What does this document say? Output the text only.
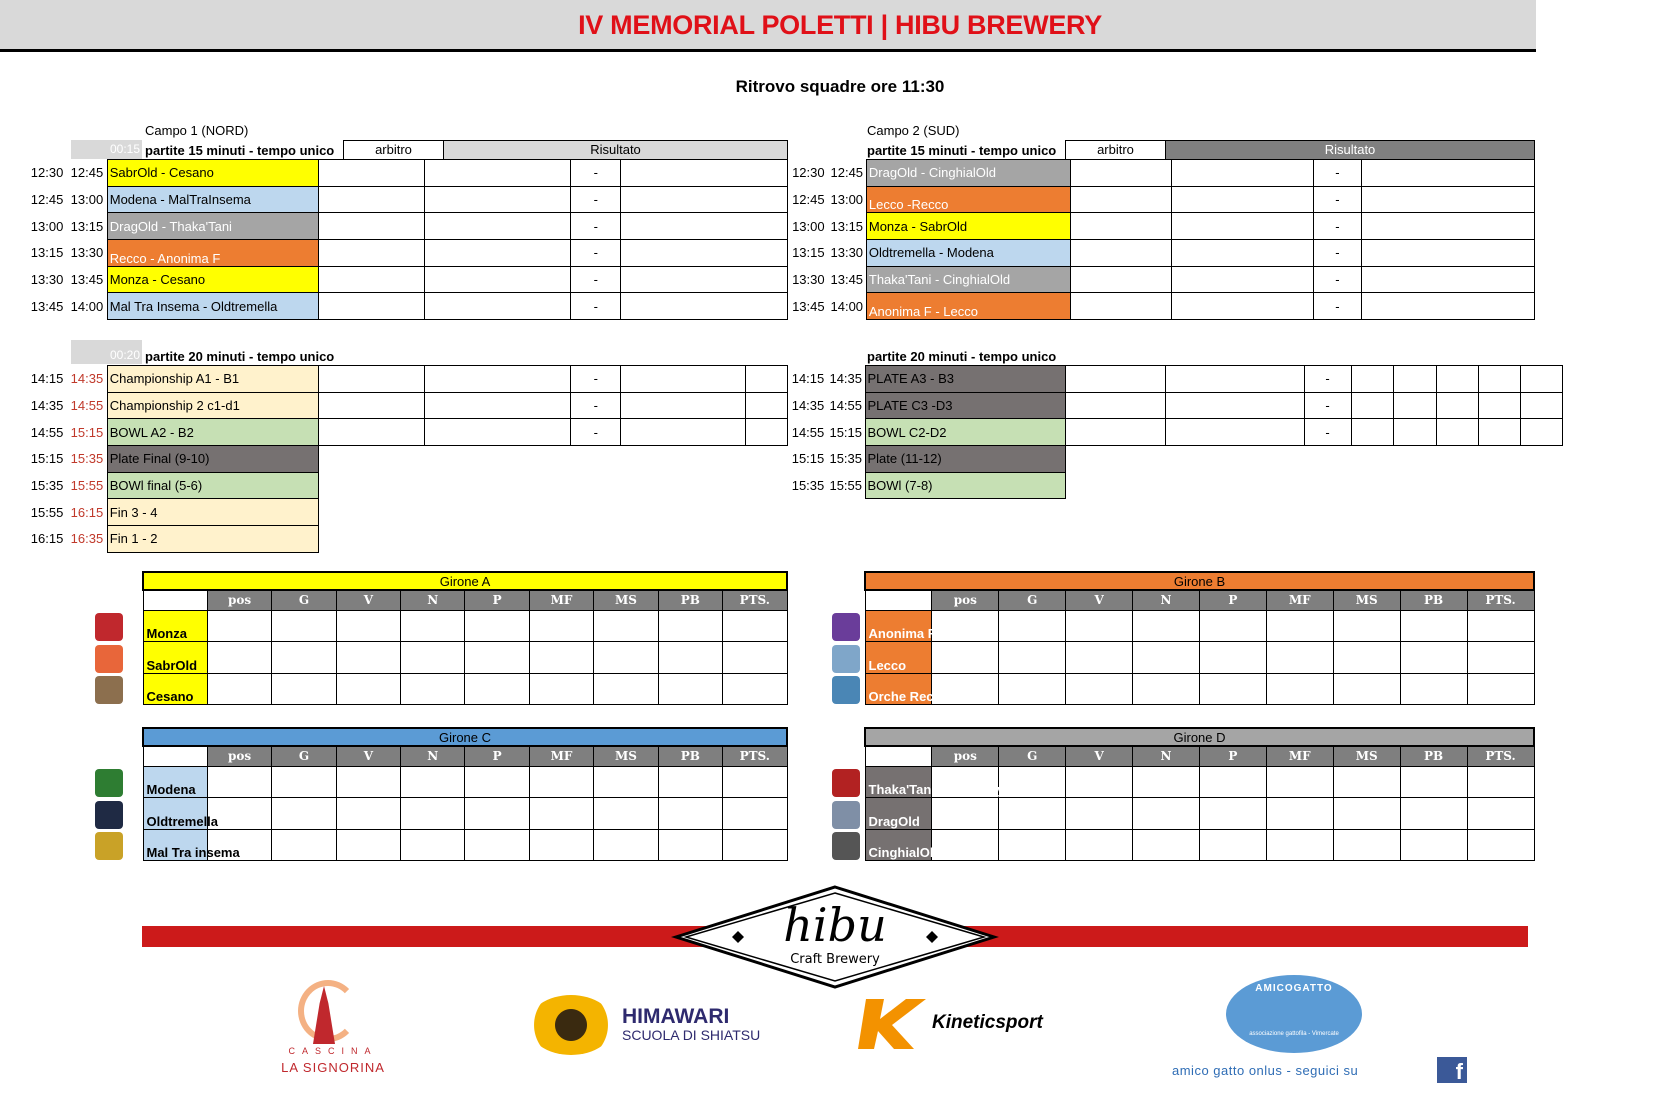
IV MEMORIAL POLETTI | HIBU BREWERY
Ritrovo squadre ore 11:30
Campo 1 (NORD)
00:15 partite 15 minuti - tempo unico	arbitro	Risultato
12:30	12:45	SabrOld - Cesano			-	
12:45	13:00	Modena - MalTraInsema			-	
13:00	13:15	DragOld - Thaka'Tani			-	
13:15	13:30	Recco - Anonima F			-	
13:30	13:45	Monza - Cesano			-	
13:45	14:00	Mal Tra Insema - Oldtremella			-	
00:20 partite 20 minuti - tempo unico
14:15	14:35	Championship A1 - B1			-		
14:35	14:55	Championship 2 c1-d1			-		
14:55	15:15	BOWL A2 - B2			-		
15:15	15:35	Plate Final (9-10)					
15:35	15:55	BOWl final (5-6)					
15:55	16:15	Fin 3 - 4					
16:15	16:35	Fin 1 - 2					
Campo 2 (SUD)
partite 15 minuti - tempo unico	arbitro	Risultato
12:30	12:45	DragOld - CinghialOld			-	
12:45	13:00	Lecco -Recco			-	
13:00	13:15	Monza - SabrOld			-	
13:15	13:30	Oldtremella - Modena			-	
13:30	13:45	Thaka'Tani - CinghialOld			-	
13:45	14:00	Anonima F - Lecco			-	
partite 20 minuti - tempo unico
14:15	14:35	PLATE A3 - B3			-					
14:35	14:55	PLATE C3 -D3			-					
14:55	15:15	BOWL C2-D2			-					
15:15	15:35	Plate (11-12)								
15:35	15:55	BOWl (7-8)								
Girone A									
	pos	G	V	N	P	MF	MS	PB	PTS.
Monza									
SabrOld									
Cesano									
Girone B									
	pos	G	V	N	P	MF	MS	PB	PTS.
Anonima R Florentia									
Lecco									
Orche Recco									
Girone C									
	pos	G	V	N	P	MF	MS	PB	PTS.
Modena									
Oldtremella									
Mal Tra insema									
Girone D									
	pos	G	V	N	P	MF	MS	PB	PTS.
Thaka'Tani Old Rugby									
DragOld									
CinghialOld									
hibu
Craft Brewery
CASCINA
LA SIGNORINA
HIMAWARI
SCUOLA DI SHIATSU
Kineticsport
AMICOGATTO
associazione gattofila - Vimercate
amico gatto onlus - seguici su	f
